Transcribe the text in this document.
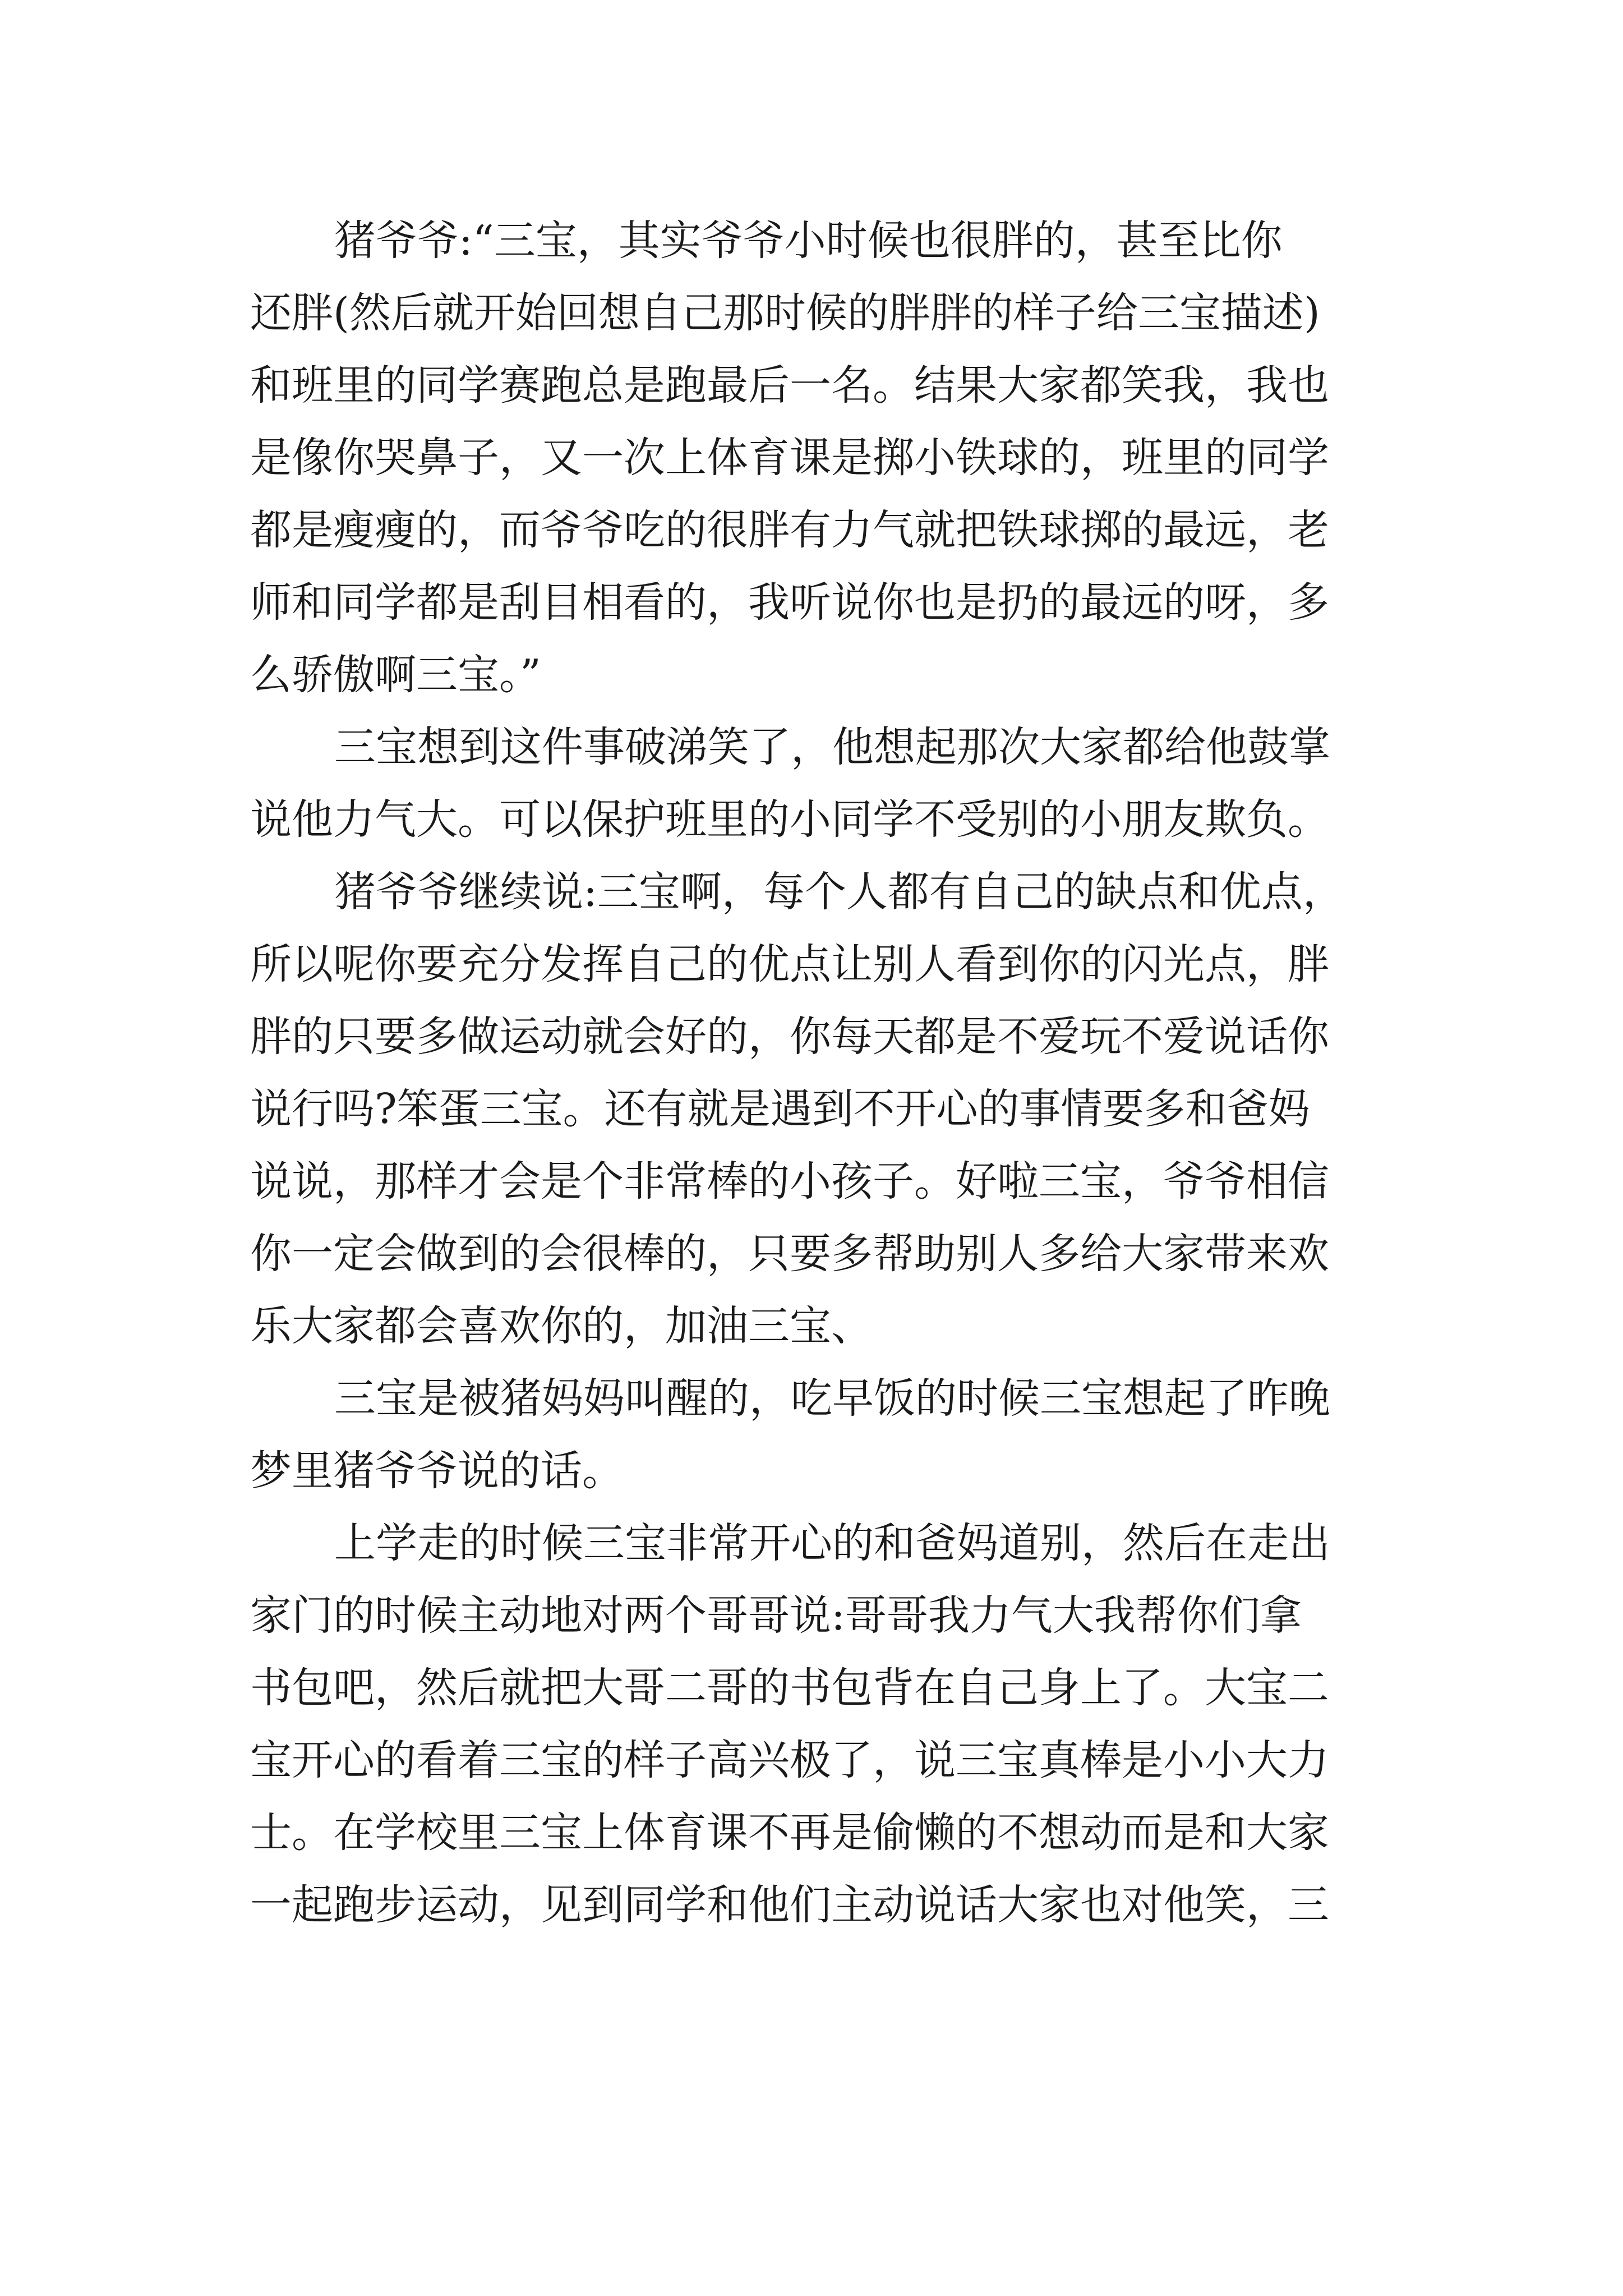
猪爷爷:“三宝，其实爷爷小时候也很胖的，甚至比你
还胖(然后就开始回想自己那时候的胖胖的样子给三宝描述)
和班里的同学赛跑总是跑最后一名。结果大家都笑我，我也
是像你哭鼻子，又一次上体育课是掷小铁球的，班里的同学
都是瘦瘦的，而爷爷吃的很胖有力气就把铁球掷的最远，老
师和同学都是刮目相看的，我听说你也是扔的最远的呀，多
么骄傲啊三宝。”
三宝想到这件事破涕笑了，他想起那次大家都给他鼓掌
说他力气大。可以保护班里的小同学不受别的小朋友欺负。
猪爷爷继续说:三宝啊，每个人都有自己的缺点和优点，
所以呢你要充分发挥自己的优点让别人看到你的闪光点，胖
胖的只要多做运动就会好的，你每天都是不爱玩不爱说话你
说行吗?笨蛋三宝。还有就是遇到不开心的事情要多和爸妈
说说，那样才会是个非常棒的小孩子。好啦三宝，爷爷相信
你一定会做到的会很棒的，只要多帮助别人多给大家带来欢
乐大家都会喜欢你的，加油三宝、
三宝是被猪妈妈叫醒的，吃早饭的时候三宝想起了昨晚
梦里猪爷爷说的话。
上学走的时候三宝非常开心的和爸妈道别，然后在走出
家门的时候主动地对两个哥哥说:哥哥我力气大我帮你们拿
书包吧，然后就把大哥二哥的书包背在自己身上了。大宝二
宝开心的看着三宝的样子高兴极了，说三宝真棒是小小大力
士。在学校里三宝上体育课不再是偷懒的不想动而是和大家
一起跑步运动，见到同学和他们主动说话大家也对他笑，三
